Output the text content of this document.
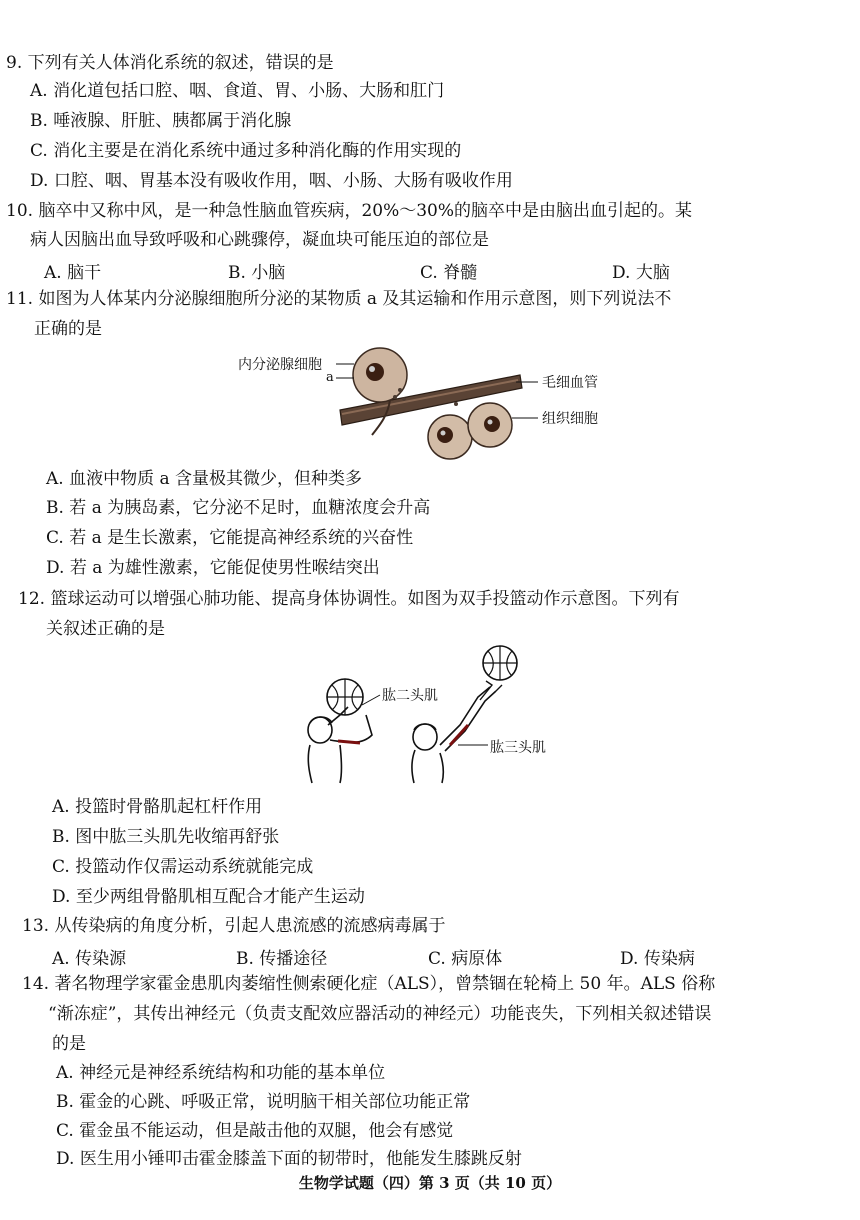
9. 下列有关人体消化系统的叙述，错误的是
A. 消化道包括口腔、咽、食道、胃、小肠、大肠和肛门
B. 唾液腺、肝脏、胰都属于消化腺
C. 消化主要是在消化系统中通过多种消化酶的作用实现的
D. 口腔、咽、胃基本没有吸收作用，咽、小肠、大肠有吸收作用
10. 脑卒中又称中风，是一种急性脑血管疾病，20%～30%的脑卒中是由脑出血引起的。某
病人因脑出血导致呼吸和心跳骤停，凝血块可能压迫的部位是
A. 脑干	B. 小脑	C. 脊髓	D. 大脑
11. 如图为人体某内分泌腺细胞所分泌的某物质 a 及其运输和作用示意图，则下列说法不
正确的是
内分泌腺细胞
a	毛细血管
组织细胞
A. 血液中物质 a 含量极其微少，但种类多
B. 若 a 为胰岛素，它分泌不足时，血糖浓度会升高
C. 若 a 是生长激素，它能提高神经系统的兴奋性
D. 若 a 为雄性激素，它能促使男性喉结突出
12. 篮球运动可以增强心肺功能、提高身体协调性。如图为双手投篮动作示意图。下列有
关叙述正确的是
肱二头肌
肱三头肌
A. 投篮时骨骼肌起杠杆作用
B. 图中肱三头肌先收缩再舒张
C. 投篮动作仅需运动系统就能完成
D. 至少两组骨骼肌相互配合才能产生运动
13. 从传染病的角度分析，引起人患流感的流感病毒属于
A. 传染源	B. 传播途径	C. 病原体	D. 传染病
14. 著名物理学家霍金患肌肉萎缩性侧索硬化症（ALS），曾禁锢在轮椅上 50 年。ALS 俗称
“渐冻症”，其传出神经元（负责支配效应器活动的神经元）功能丧失，下列相关叙述错误
的是
A. 神经元是神经系统结构和功能的基本单位
B. 霍金的心跳、呼吸正常，说明脑干相关部位功能正常
C. 霍金虽不能运动，但是敲击他的双腿，他会有感觉
D. 医生用小锤叩击霍金膝盖下面的韧带时，他能发生膝跳反射
生物学试题（四）第 3 页（共 10 页）
